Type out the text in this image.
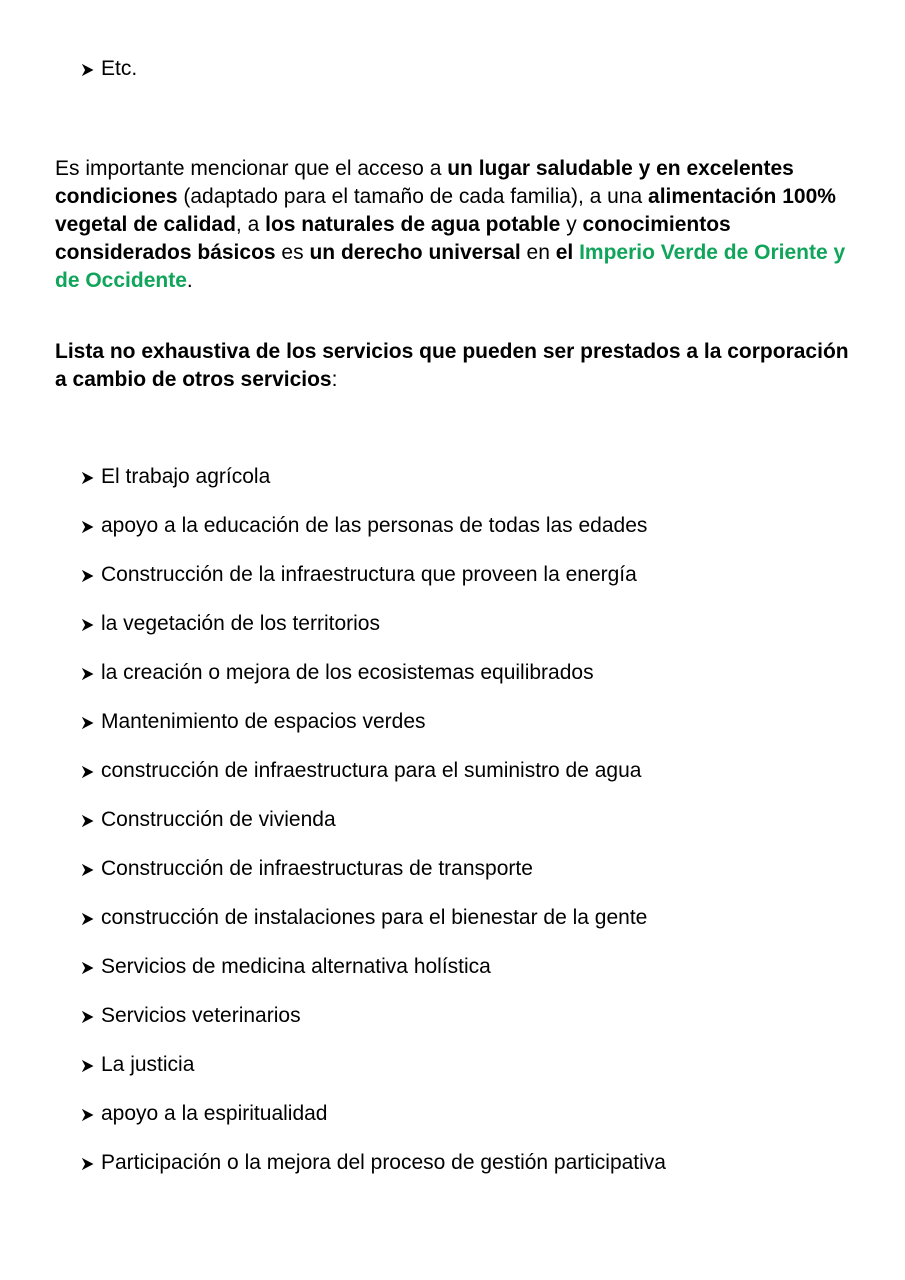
Etc.
Es importante mencionar que el acceso a un lugar saludable y en excelentes condiciones (adaptado para el tamaño de cada familia), a una alimentación 100% vegetal de calidad, a los naturales de agua potable y conocimientos considerados básicos es un derecho universal en el Imperio Verde de Oriente y de Occidente.
Lista no exhaustiva de los servicios que pueden ser prestados a la corporación a cambio de otros servicios:
El trabajo agrícola
apoyo a la educación de las personas de todas las edades
Construcción de la infraestructura que proveen la energía
la vegetación de los territorios
la creación o mejora de los ecosistemas equilibrados
Mantenimiento de espacios verdes
construcción de infraestructura para el suministro de agua
Construcción de vivienda
Construcción de infraestructuras de transporte
construcción de instalaciones para el bienestar de la gente
Servicios de medicina alternativa holística
Servicios veterinarios
La justicia
apoyo a la espiritualidad
Participación o la mejora del proceso de gestión participativa
